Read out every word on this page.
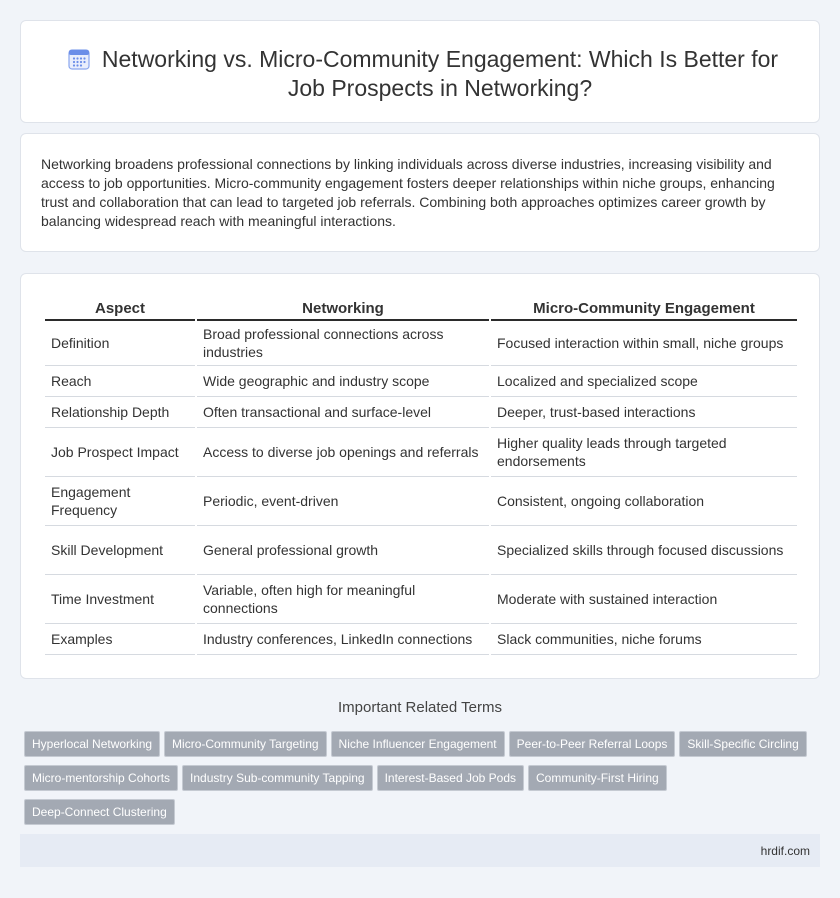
Networking vs. Micro-Community Engagement: Which Is Better for Job Prospects in Networking?

Networking broadens professional connections by linking individuals across diverse industries, increasing visibility and access to job opportunities. Micro-community engagement fosters deeper relationships within niche groups, enhancing trust and collaboration that can lead to targeted job referrals. Combining both approaches optimizes career growth by balancing widespread reach with meaningful interactions.

Aspect	Networking	Micro-Community Engagement
Definition	Broad professional connections across industries	Focused interaction within small, niche groups
Reach	Wide geographic and industry scope	Localized and specialized scope
Relationship Depth	Often transactional and surface-level	Deeper, trust-based interactions
Job Prospect Impact	Access to diverse job openings and referrals	Higher quality leads through targeted endorsements
Engagement Frequency	Periodic, event-driven	Consistent, ongoing collaboration
Skill Development	General professional growth	Specialized skills through focused discussions
Time Investment	Variable, often high for meaningful connections	Moderate with sustained interaction
Examples	Industry conferences, LinkedIn connections	Slack communities, niche forums
Important Related Terms
Hyperlocal Networking Micro-Community Targeting Niche Influencer Engagement Peer-to-Peer Referral Loops Skill-Specific Circling
Micro-mentorship Cohorts Industry Sub-community Tapping Interest-Based Job Pods Community-First Hiring
Deep-Connect Clustering
hrdif.com
